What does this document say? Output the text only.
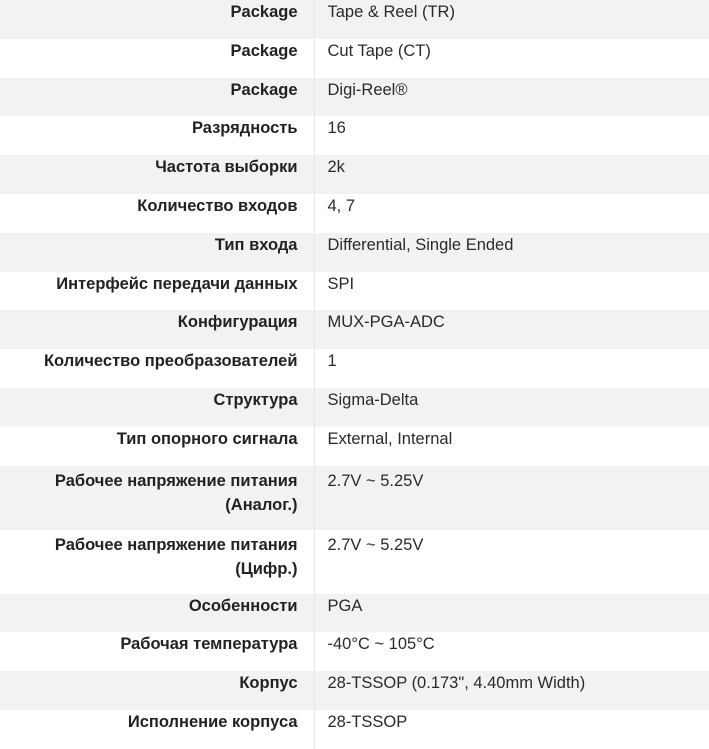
Package	Tape & Reel (TR)

Package	Cut Tape (CT)

Package	Digi-Reel®

Разрядность	16

Частота выборки	2k

Количество входов	4, 7

Тип входа	Differential, Single Ended

Интерфейс передачи данных	SPI

Конфигурация	MUX-PGA-ADC

Количество преобразователей	1

Структура	Sigma-Delta

Тип опорного сигнала	External, Internal

Рабочее напряжение питания (Аналог.)	2.7V ~ 5.25V

Рабочее напряжение питания (Цифр.)	2.7V ~ 5.25V

Особенности	PGA

Рабочая температура	-40°C ~ 105°C

Корпус	28-TSSOP (0.173", 4.40mm Width)

Исполнение корпуса	28-TSSOP
